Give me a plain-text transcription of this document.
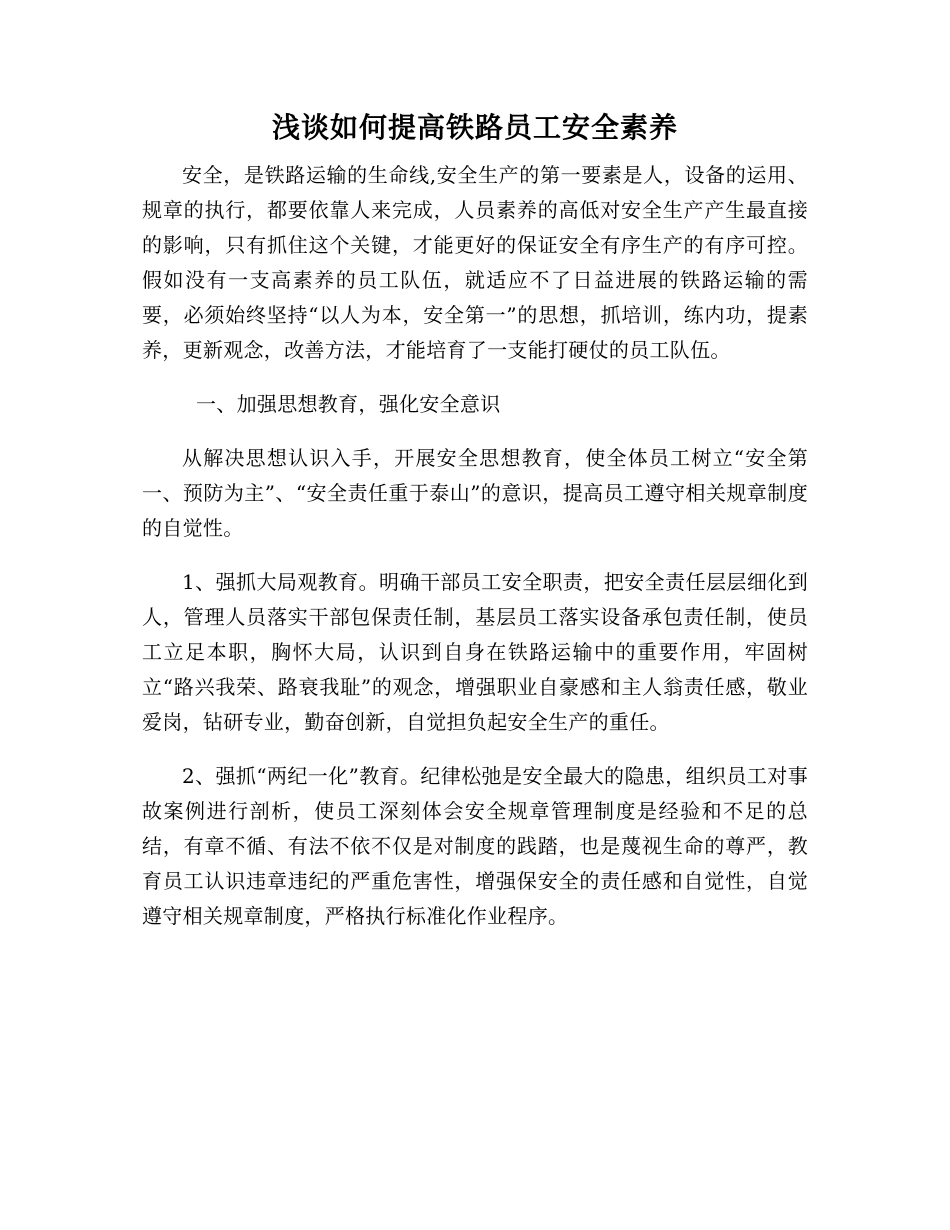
浅谈如何提高铁路员工安全素养

安全，是铁路运输的生命线,安全生产的第一要素是人，设备的运用、规章的执行，都要依靠人来完成，人员素养的高低对安全生产产生最直接的影响，只有抓住这个关键，才能更好的保证安全有序生产的有序可控。假如没有一支高素养的员工队伍，就适应不了日益进展的铁路运输的需要，必须始终坚持“以人为本，安全第一”的思想，抓培训，练内功，提素养，更新观念，改善方法，才能培育了一支能打硬仗的员工队伍。

一、加强思想教育，强化安全意识

从解决思想认识入手，开展安全思想教育，使全体员工树立“安全第一、预防为主”、“安全责任重于泰山”的意识，提高员工遵守相关规章制度的自觉性。

1、强抓大局观教育。明确干部员工安全职责，把安全责任层层细化到人，管理人员落实干部包保责任制，基层员工落实设备承包责任制，使员工立足本职，胸怀大局，认识到自身在铁路运输中的重要作用，牢固树立“路兴我荣、路衰我耻”的观念，增强职业自豪感和主人翁责任感，敬业爱岗，钻研专业，勤奋创新，自觉担负起安全生产的重任。

2、强抓“两纪一化”教育。纪律松弛是安全最大的隐患，组织员工对事故案例进行剖析，使员工深刻体会安全规章管理制度是经验和不足的总结，有章不循、有法不依不仅是对制度的践踏，也是蔑视生命的尊严，教育员工认识违章违纪的严重危害性，增强保安全的责任感和自觉性，自觉遵守相关规章制度，严格执行标准化作业程序。
